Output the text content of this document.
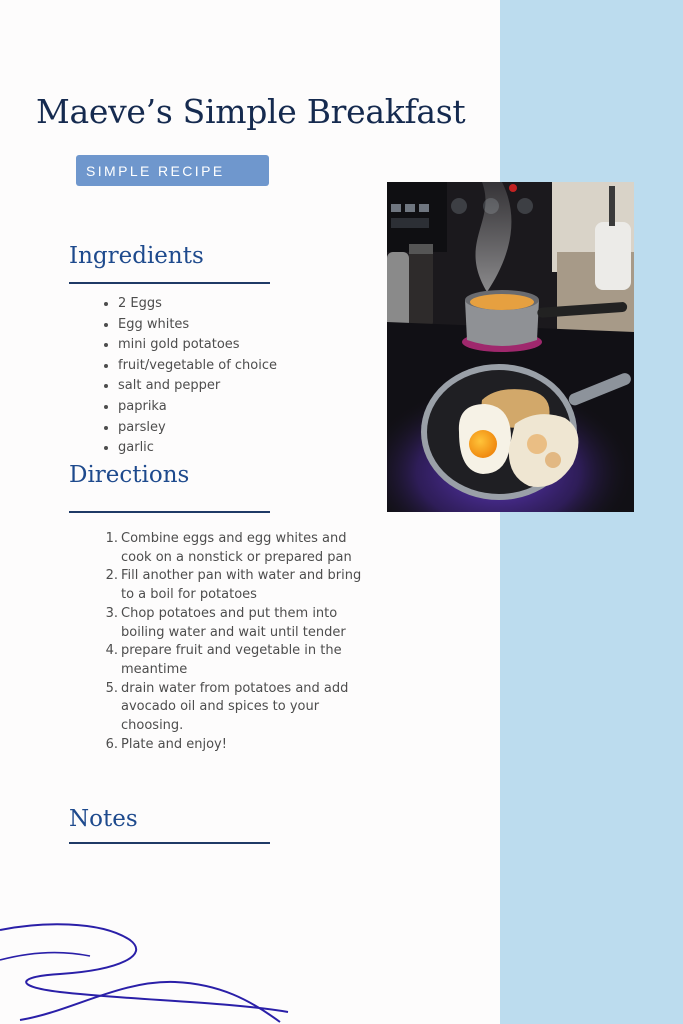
Maeve’s Simple Breakfast
SIMPLE RECIPE
Ingredients
• 2 Eggs
• Egg whites
• mini gold potatoes
• fruit/vegetable of choice
• salt and pepper
• paprika
• parsley
• garlic
Directions
1. Combine eggs and egg whites and cook on a nonstick or prepared pan
2. Fill another pan with water and bring to a boil for potatoes
3. Chop potatoes and put them into boiling water and wait until tender
4. prepare fruit and vegetable in the meantime
5. drain water from potatoes and add avocado oil and spices to your choosing.
6. Plate and enjoy!
Notes
